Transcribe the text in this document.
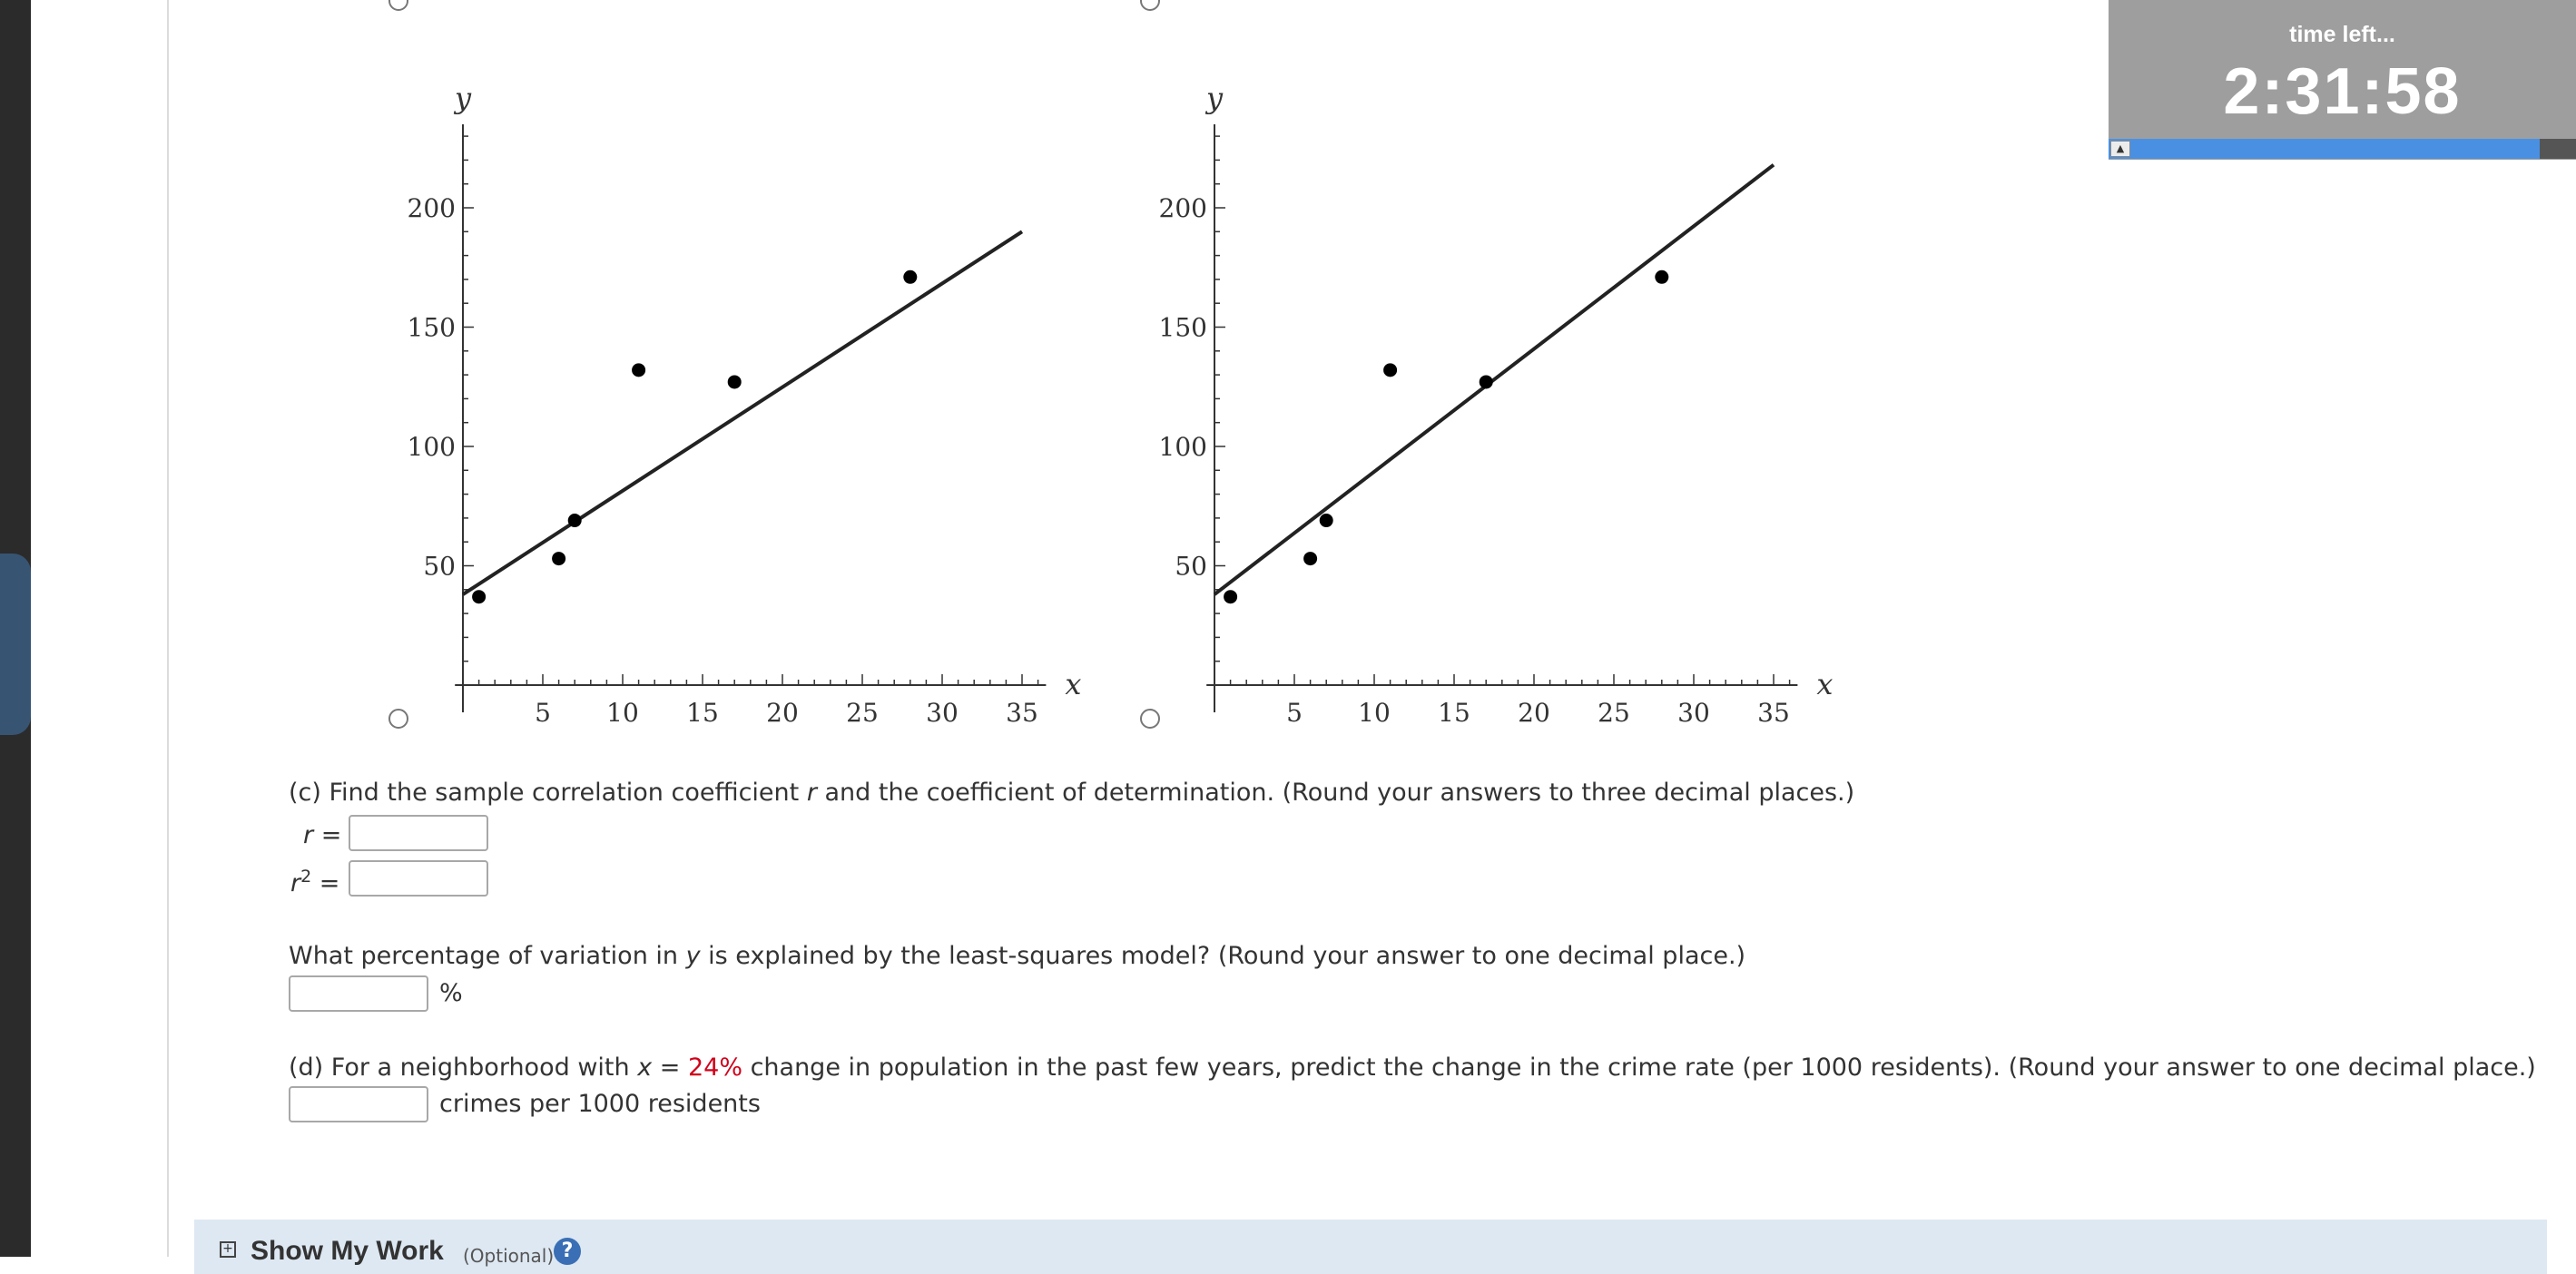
5 10 15 20 25 30 35
50
100
150
200
y
x
5 10 15 20 25 30 35
50
100
150
200
y
x
(c) Find the sample correlation coefficient r and the coefficient of determination. (Round your answers to three decimal places.)
r =
$r^2$ =
What percentage of variation in y is explained by the least-squares model? (Round your answer to one decimal place.)
%
(d) For a neighborhood with x = 24% change in population in the past few years, predict the change in the crime rate (per 1000 residents). (Round your answer to one decimal place.)
crimes per 1000 residents
+ Show My Work (Optional) ?
time left...
2:31:58
▲
